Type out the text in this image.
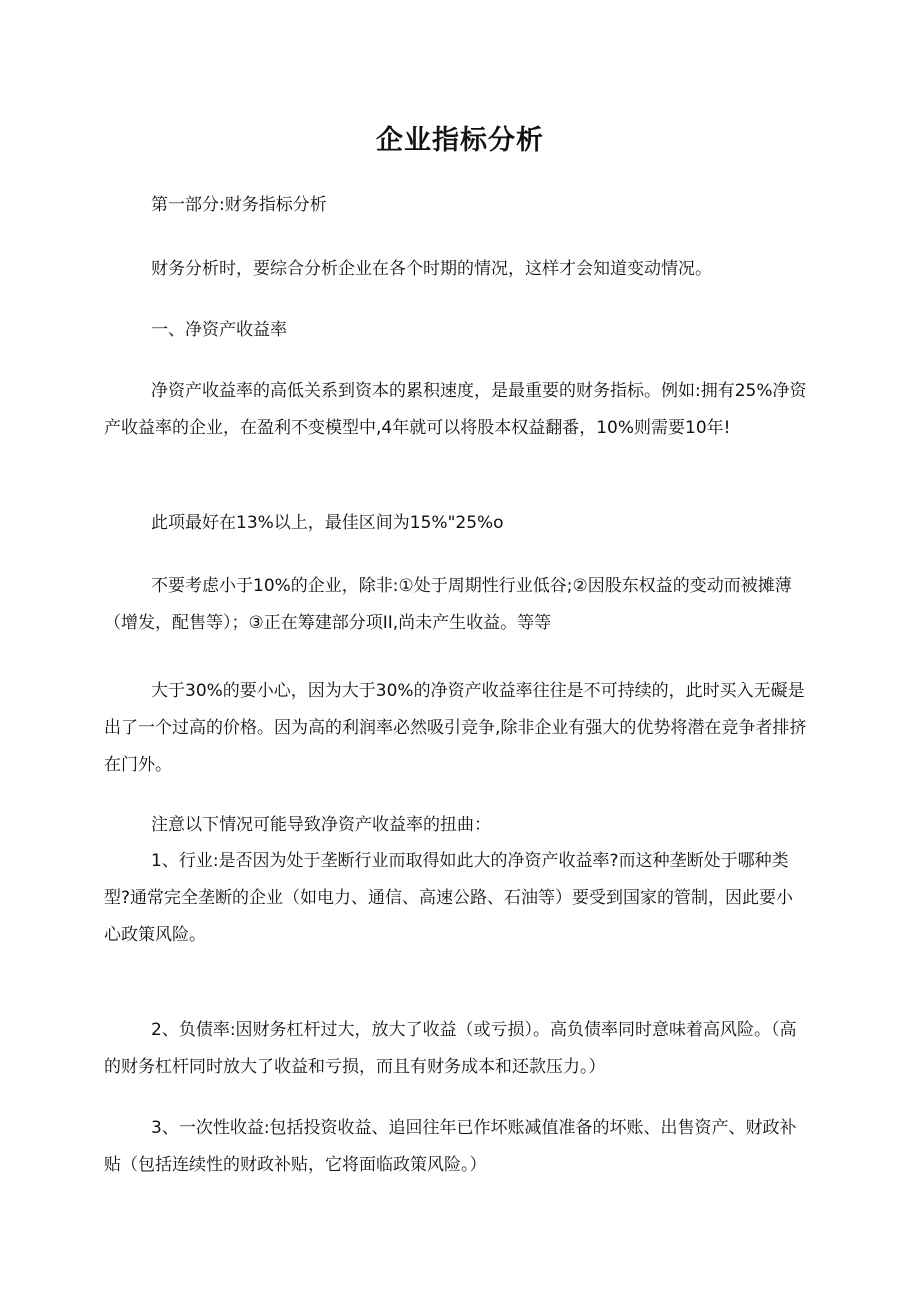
企业指标分析

第一部分:财务指标分析

财务分析时，要综合分析企业在各个时期的情况，这样才会知道变动情况。

一、净资产收益率

净资产收益率的高低关系到资本的累积速度，是最重要的财务指标。例如:拥有25%净资产收益率的企业，在盈利不变模型中,4年就可以将股本权益翻番，10%则需要10年!

此项最好在13%以上，最佳区间为15%"25%o

不要考虑小于10%的企业，除非:①处于周期性行业低谷;②因股东权益的变动而被摊薄（增发，配售等）；③正在筹建部分项II,尚未产生收益。等等

大于30%的要小心，因为大于30%的净资产收益率往往是不可持续的，此时买入无礙是出了一个过高的价格。因为高的利润率必然吸引竞争,除非企业有强大的优势将潜在竞争者排挤在门外。

注意以下情况可能导致净资产收益率的扭曲：

1、行业:是否因为处于垄断行业而取得如此大的净资产收益率?而这种垄断处于哪种类型?通常完全垄断的企业（如电力、通信、高速公路、石油等）要受到国家的管制，因此要小心政策风险。

2、负债率:因财务杠杆过大，放大了收益（或亏损）。高负债率同时意味着高风险。（高的财务杠杆同时放大了收益和亏损，而且有财务成本和还款压力。）

3、一次性收益:包括投资收益、追回往年已作坏账减值准备的坏账、出售资产、财政补贴（包括连续性的财政补贴，它将面临政策风险。）
